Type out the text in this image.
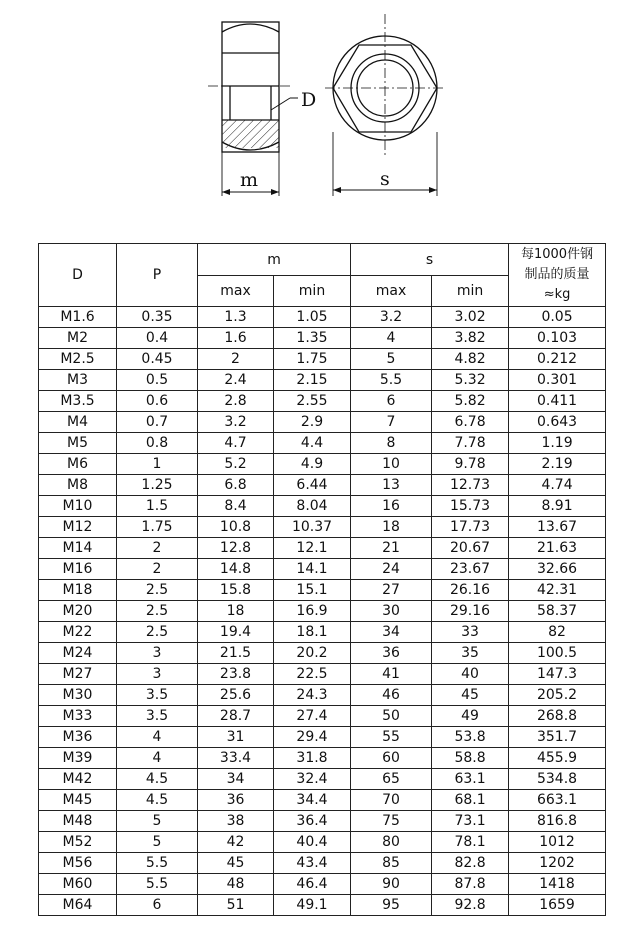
D
m	s
D	P	m		s		每1000件钢
制品的质量
≈kg

		max	min	max	min	
M1.6	0.35	1.3	1.05	3.2	3.02	0.05
M2	0.4	1.6	1.35	4	3.82	0.103
M2.5	0.45	2	1.75	5	4.82	0.212
M3	0.5	2.4	2.15	5.5	5.32	0.301
M3.5	0.6	2.8	2.55	6	5.82	0.411
M4	0.7	3.2	2.9	7	6.78	0.643
M5	0.8	4.7	4.4	8	7.78	1.19
M6	1	5.2	4.9	10	9.78	2.19
M8	1.25	6.8	6.44	13	12.73	4.74
M10	1.5	8.4	8.04	16	15.73	8.91
M12	1.75	10.8	10.37	18	17.73	13.67
M14	2	12.8	12.1	21	20.67	21.63
M16	2	14.8	14.1	24	23.67	32.66
M18	2.5	15.8	15.1	27	26.16	42.31
M20	2.5	18	16.9	30	29.16	58.37
M22	2.5	19.4	18.1	34	33	82
M24	3	21.5	20.2	36	35	100.5
M27	3	23.8	22.5	41	40	147.3
M30	3.5	25.6	24.3	46	45	205.2
M33	3.5	28.7	27.4	50	49	268.8
M36	4	31	29.4	55	53.8	351.7
M39	4	33.4	31.8	60	58.8	455.9
M42	4.5	34	32.4	65	63.1	534.8
M45	4.5	36	34.4	70	68.1	663.1
M48	5	38	36.4	75	73.1	816.8
M52	5	42	40.4	80	78.1	1012
M56	5.5	45	43.4	85	82.8	1202
M60	5.5	48	46.4	90	87.8	1418
M64	6	51	49.1	95	92.8	1659
